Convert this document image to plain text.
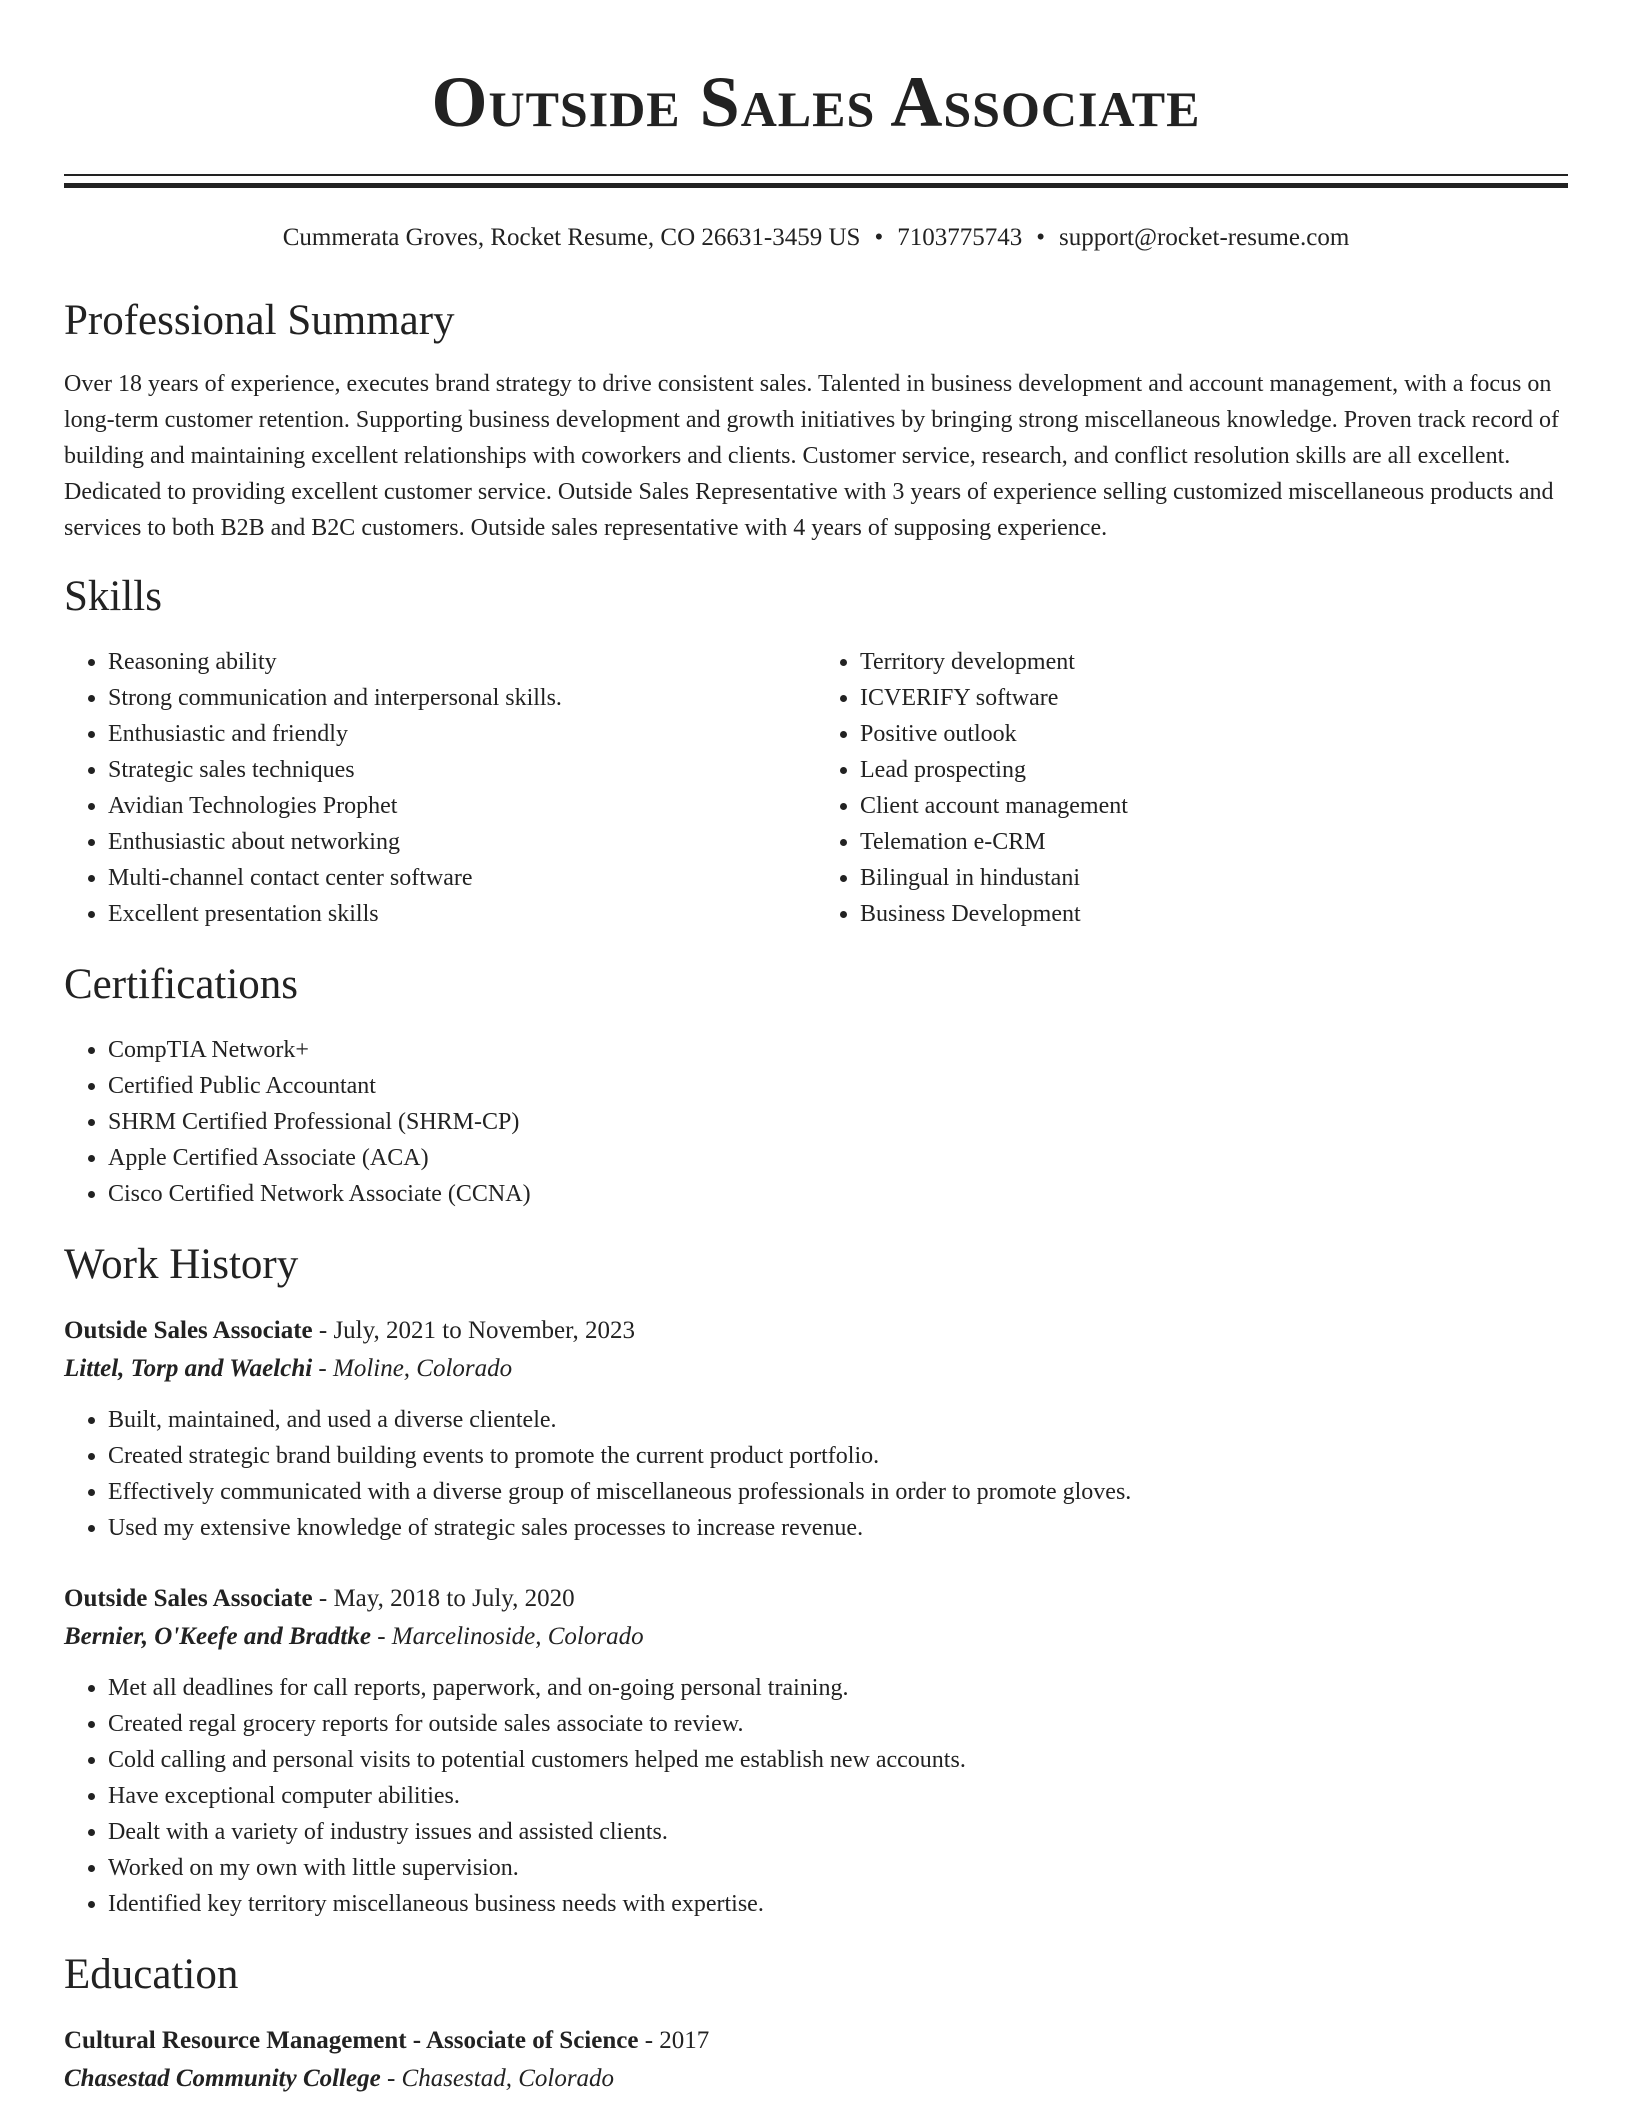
Outside Sales Associate
Cummerata Groves, Rocket Resume, CO 26631-3459 US • 7103775743 • support@rocket-resume.com
Professional Summary
Over 18 years of experience, executes brand strategy to drive consistent sales. Talented in business development and account management, with a focus on long-term customer retention. Supporting business development and growth initiatives by bringing strong miscellaneous knowledge. Proven track record of building and maintaining excellent relationships with coworkers and clients. Customer service, research, and conflict resolution skills are all excellent. Dedicated to providing excellent customer service. Outside Sales Representative with 3 years of experience selling customized miscellaneous products and services to both B2B and B2C customers. Outside sales representative with 4 years of supposing experience.
Skills
• Reasoning ability
• Strong communication and interpersonal skills.
• Enthusiastic and friendly
• Strategic sales techniques
• Avidian Technologies Prophet
• Enthusiastic about networking
• Multi-channel contact center software
• Excellent presentation skills
• Territory development
• ICVERIFY software
• Positive outlook
• Lead prospecting
• Client account management
• Telemation e-CRM
• Bilingual in hindustani
• Business Development
Certifications
• CompTIA Network+
• Certified Public Accountant
• SHRM Certified Professional (SHRM-CP)
• Apple Certified Associate (ACA)
• Cisco Certified Network Associate (CCNA)
Work History
Outside Sales Associate - July, 2021 to November, 2023
Littel, Torp and Waelchi - Moline, Colorado
• Built, maintained, and used a diverse clientele.
• Created strategic brand building events to promote the current product portfolio.
• Effectively communicated with a diverse group of miscellaneous professionals in order to promote gloves.
• Used my extensive knowledge of strategic sales processes to increase revenue.
Outside Sales Associate - May, 2018 to July, 2020
Bernier, O'Keefe and Bradtke - Marcelinoside, Colorado
• Met all deadlines for call reports, paperwork, and on-going personal training.
• Created regal grocery reports for outside sales associate to review.
• Cold calling and personal visits to potential customers helped me establish new accounts.
• Have exceptional computer abilities.
• Dealt with a variety of industry issues and assisted clients.
• Worked on my own with little supervision.
• Identified key territory miscellaneous business needs with expertise.
Education
Cultural Resource Management - Associate of Science - 2017
Chasestad Community College - Chasestad, Colorado
